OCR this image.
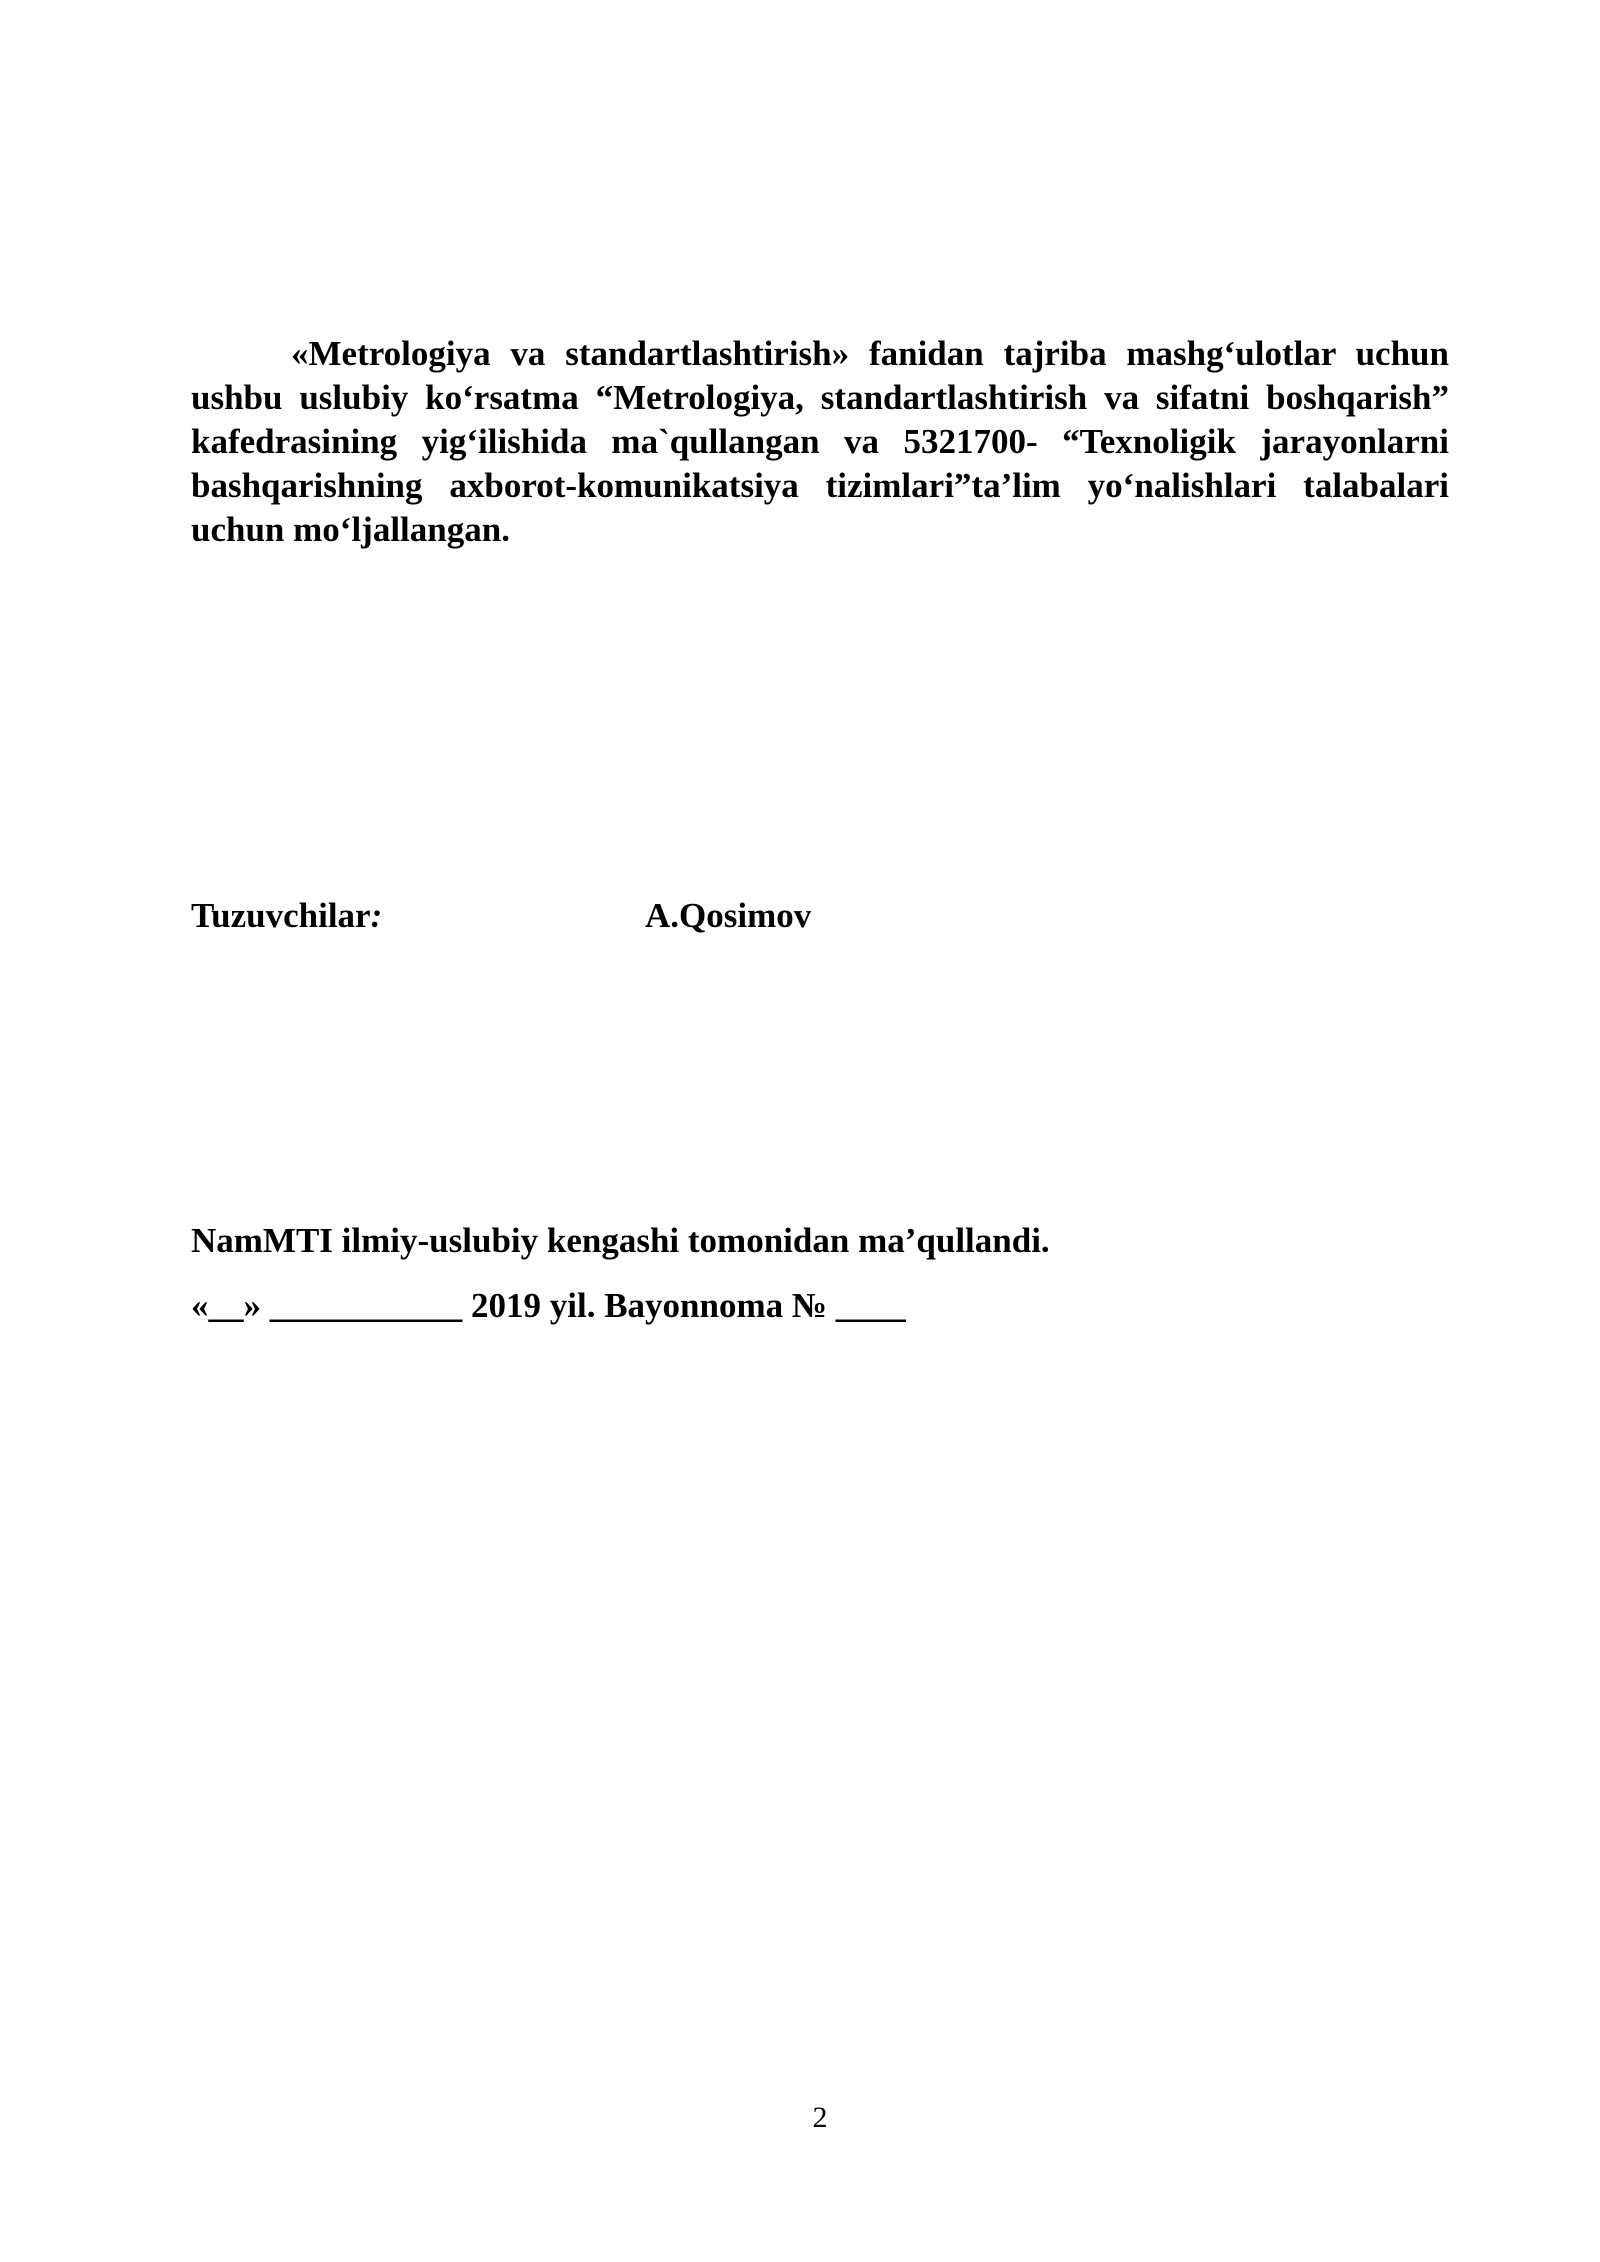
«Metrologiya va standartlashtirish» fanidan tajriba mashg‘ulotlar uchun ushbu uslubiy ko‘rsatma “Metrologiya, standartlashtirish va sifatni boshqarish” kafedrasining yig‘ilishida ma`qullangan va 5321700- “Texnoligik jarayonlarni bashqarishning axborot-komunikatsiya tizimlari”ta’lim yo‘nalishlari talabalari uchun mo‘ljallangan.

Tuzuvchilar:	A.Qosimov

NamMTI ilmiy-uslubiy kengashi tomonidan ma’qullandi.

«__» ___________ 2019 yil. Bayonnoma № ____

2
